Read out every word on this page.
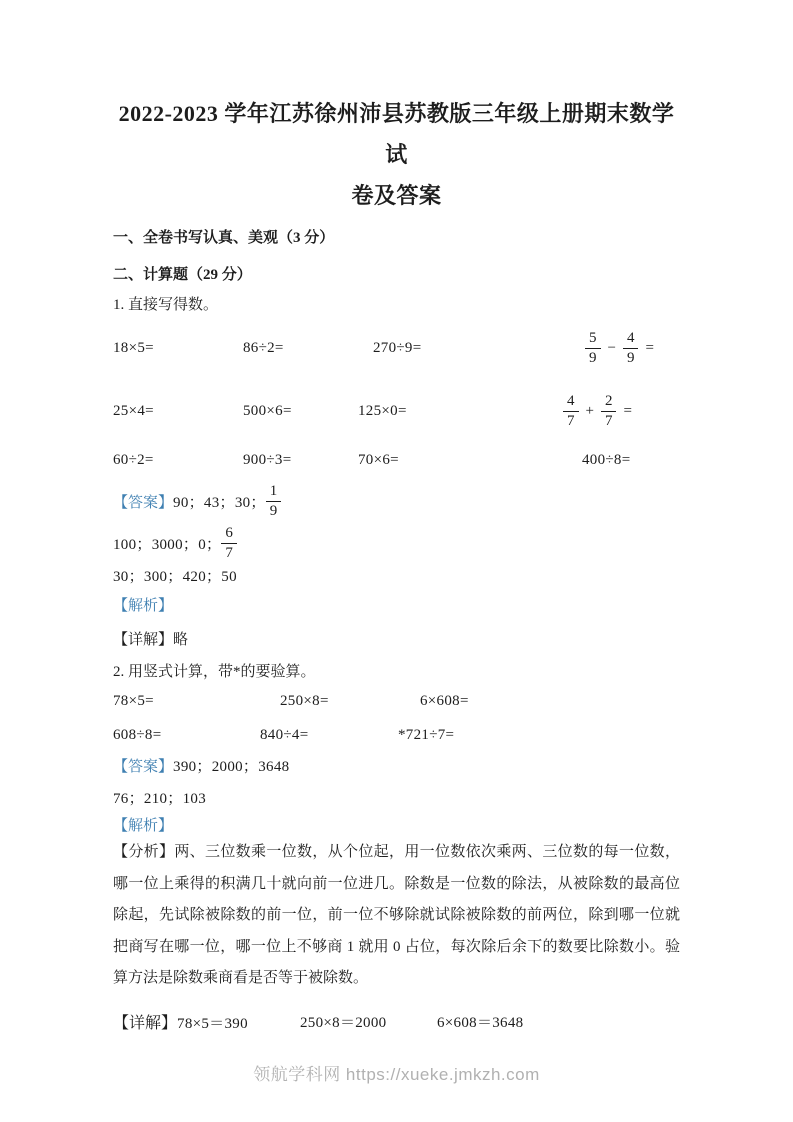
2022-2023 学年江苏徐州沛县苏教版三年级上册期末数学试
卷及答案
一、全卷书写认真、美观（3 分）
二、计算题（29 分）
1. 直接写得数。
18×5=	86÷2=	270÷9=	$\frac{5}{9} - \frac{4}{9}$ =
25×4=	500×6=	125×0=	$\frac{4}{7} + \frac{2}{7}$ =
60÷2=	900÷3=	70×6=	400÷8=
【答案】 90；43；30； $\frac{1}{9}$
100；3000；0； $\frac{6}{7}$
30；300；420；50
【解析】
【详解】略
2. 用竖式计算，带*的要验算。
78×5=	250×8=	6×608=
608÷8=	840÷4=	*721÷7=
【答案】 390；2000；3648
76；210；103
【解析】

【分析】两、三位数乘一位数，从个位起，用一位数依次乘两、三位数的每一位数，哪一位上乘得的积满几十就向前一位进几。除数是一位数的除法，从被除数的最高位除起，先试除被除数的前一位，前一位不够除就试除被除数的前两位，除到哪一位就把商写在哪一位，哪一位上不够商 1 就用 0 占位，每次除后余下的数要比除数小。验算方法是除数乘商看是否等于被除数。

【详解】78×5＝390	250×8＝2000	6×608＝3648
领航学科网 https://xueke.jmkzh.com
